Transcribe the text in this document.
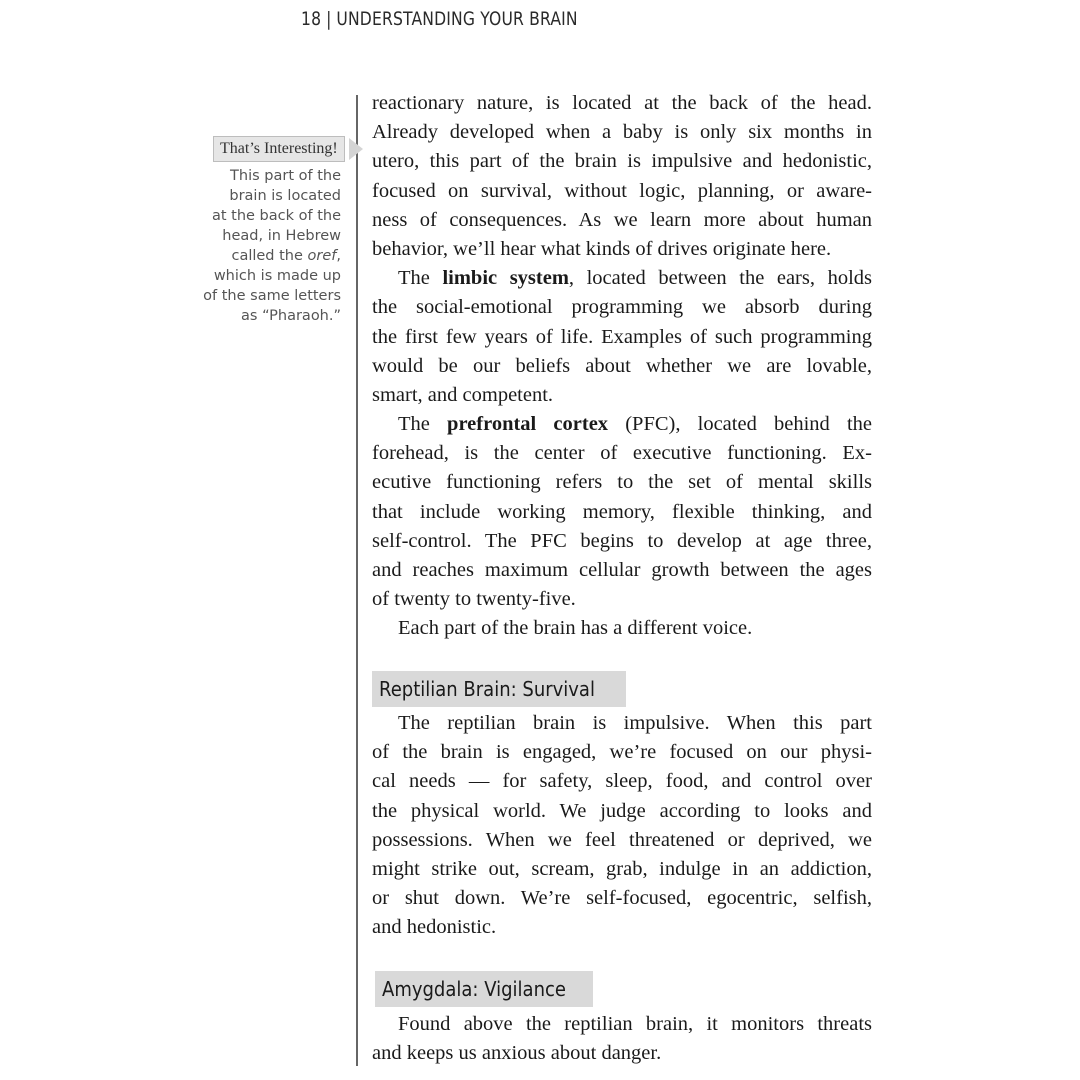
18 | UNDERSTANDING YOUR BRAIN
That’s Interesting!
This part of the
brain is located
at the back of the
head, in Hebrew
called the oref,
which is made up
of the same letters
as “Pharaoh.”
reactionary nature, is located at the back of the head.
Already developed when a baby is only six months in
utero, this part of the brain is impulsive and hedonistic,
focused on survival, without logic, planning, or aware-
ness of consequences. As we learn more about human
behavior, we’ll hear what kinds of drives originate here.
The limbic system, located between the ears, holds
the social-emotional programming we absorb during
the first few years of life. Examples of such programming
would be our beliefs about whether we are lovable,
smart, and competent.
The prefrontal cortex (PFC), located behind the
forehead, is the center of executive functioning. Ex-
ecutive functioning refers to the set of mental skills
that include working memory, flexible thinking, and
self-control. The PFC begins to develop at age three,
and reaches maximum cellular growth between the ages
of twenty to twenty-five.
Each part of the brain has a different voice.
Reptilian Brain: Survival
The reptilian brain is impulsive. When this part
of the brain is engaged, we’re focused on our physi-
cal needs — for safety, sleep, food, and control over
the physical world. We judge according to looks and
possessions. When we feel threatened or deprived, we
might strike out, scream, grab, indulge in an addiction,
or shut down. We’re self-focused, egocentric, selfish,
and hedonistic.
Amygdala: Vigilance
Found above the reptilian brain, it monitors threats
and keeps us anxious about danger.
